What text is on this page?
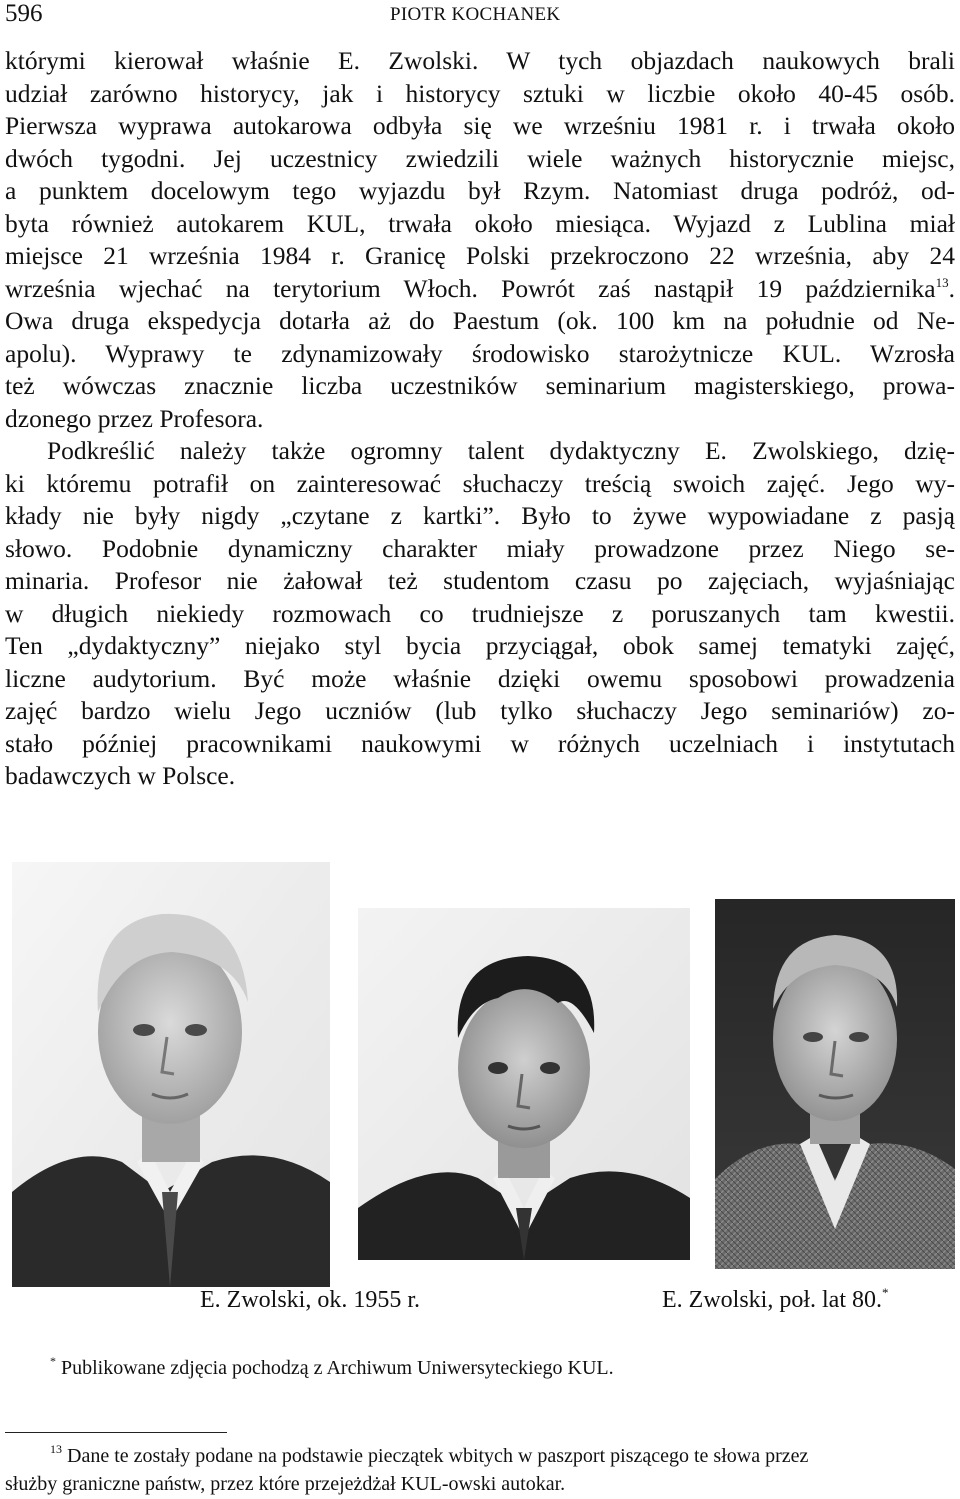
596	PIOTR KOCHANEK
którymi kierował właśnie E. Zwolski. W tych objazdach naukowych brali
udział zarówno historycy, jak i historycy sztuki w liczbie około 40-45 osób.
Pierwsza wyprawa autokarowa odbyła się we wrześniu 1981 r. i trwała około
dwóch tygodni. Jej uczestnicy zwiedzili wiele ważnych historycznie miejsc,
a punktem docelowym tego wyjazdu był Rzym. Natomiast druga podróż, od-
byta również autokarem KUL, trwała około miesiąca. Wyjazd z Lublina miał
miejsce 21 września 1984 r. Granicę Polski przekroczono 22 września, aby 24
września wjechać na terytorium Włoch. Powrót zaś nastąpił 19 października$^{13}$.
Owa druga ekspedycja dotarła aż do Paestum (ok. 100 km na południe od Ne-
apolu). Wyprawy te zdynamizowały środowisko starożytnicze KUL. Wzrosła
też wówczas znacznie liczba uczestników seminarium magisterskiego, prowa-
dzonego przez Profesora.
Podkreślić należy także ogromny talent dydaktyczny E. Zwolskiego, dzię-
ki któremu potrafił on zainteresować słuchaczy treścią swoich zajęć. Jego wy-
kłady nie były nigdy „czytane z kartki”. Było to żywe wypowiadane z pasją
słowo. Podobnie dynamiczny charakter miały prowadzone przez Niego se-
minaria. Profesor nie żałował też studentom czasu po zajęciach, wyjaśniając
w długich niekiedy rozmowach co trudniejsze z poruszanych tam kwestii.
Ten „dydaktyczny” niejako styl bycia przyciągał, obok samej tematyki zajęć,
liczne audytorium. Być może właśnie dzięki owemu sposobowi prowadzenia
zajęć bardzo wielu Jego uczniów (lub tylko słuchaczy Jego seminariów) zo-
stało później pracownikami naukowymi w różnych uczelniach i instytutach
badawczych w Polsce.
E. Zwolski, ok. 1955 r.	E. Zwolski, poł. lat 80.*
* Publikowane zdjęcia pochodzą z Archiwum Uniwersyteckiego KUL.
$^{13}$ Dane te zostały podane na podstawie pieczątek wbitych w paszport piszącego te słowa przez
służby graniczne państw, przez które przejeżdżał KUL-owski autokar.
